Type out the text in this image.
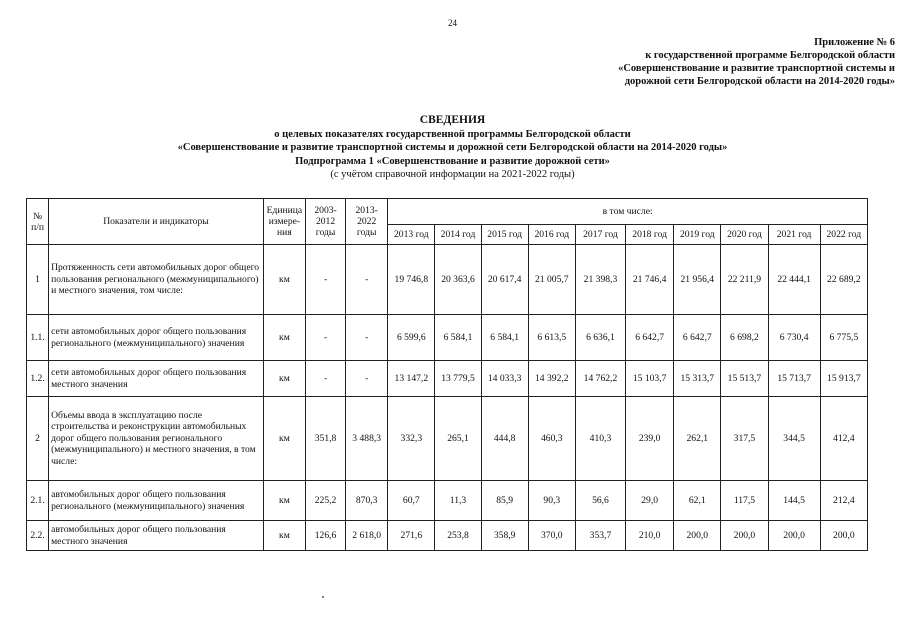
24
Приложение № 6
к государственной программе Белгородской области
«Совершенствование и развитие транспортной системы и
дорожной сети Белгородской области на 2014-2020 годы»
СВЕДЕНИЯ
о целевых показателях государственной программы Белгородской области
«Совершенствование и развитие транспортной системы и дорожной сети Белгородской области на 2014-2020 годы»
Подпрограмма 1 «Совершенствование и развитие дорожной сети»
(с учётом справочной информации на 2021-2022 годы)
№ п/п	Показатели и индикаторы	Единица измере- ния	2003- 2012 годы	2013- 2022 годы	в том числе:									
					2013 год	2014 год	2015 год	2016 год	2017 год	2018 год	2019 год	2020 год	2021 год	2022 год
1	Протяженность сети автомобильных дорог общего пользования регионального (межмуниципального) и местного значения, том числе:	км	-	-	19 746,8	20 363,6	20 617,4	21 005,7	21 398,3	21 746,4	21 956,4	22 211,9	22 444,1	22 689,2
1.1.	сети автомобильных дорог общего пользования регионального (межмуниципального) значения	км	-	-	6 599,6	6 584,1	6 584,1	6 613,5	6 636,1	6 642,7	6 642,7	6 698,2	6 730,4	6 775,5
1.2.	сети автомобильных дорог общего пользования местного значения	км	-	-	13 147,2	13 779,5	14 033,3	14 392,2	14 762,2	15 103,7	15 313,7	15 513,7	15 713,7	15 913,7
2	Объемы ввода в эксплуатацию после строительства и реконструкции автомобильных дорог общего пользования регионального (межмуниципального) и местного значения, в том числе:	км	351,8	3 488,3	332,3	265,1	444,8	460,3	410,3	239,0	262,1	317,5	344,5	412,4
2.1.	автомобильных дорог общего пользования регионального (межмуниципального) значения	км	225,2	870,3	60,7	11,3	85,9	90,3	56,6	29,0	62,1	117,5	144,5	212,4
2.2.	автомобильных дорог общего пользования местного значения	км	126,6	2 618,0	271,6	253,8	358,9	370,0	353,7	210,0	200,0	200,0	200,0	200,0
